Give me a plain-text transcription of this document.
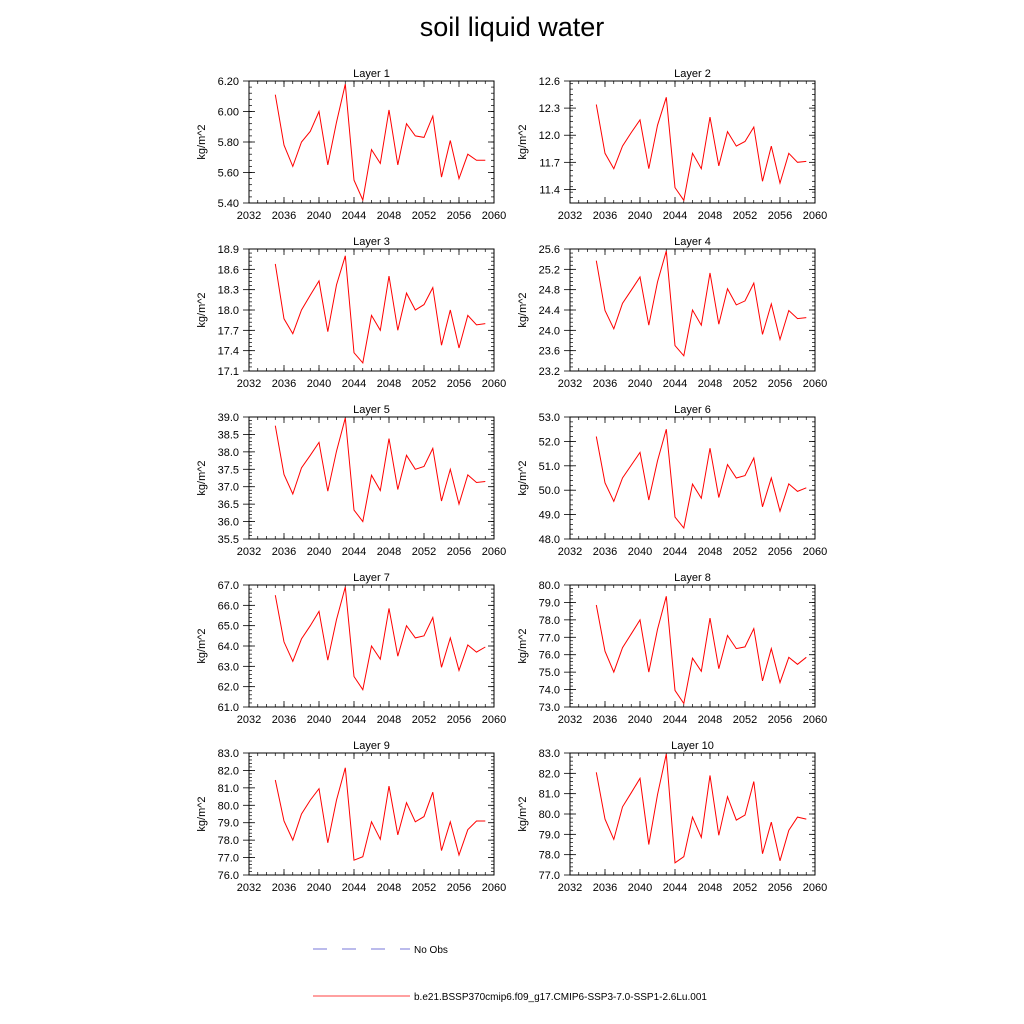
soil liquid water
Layer 1
kg/m^2
2032 2036 2040 2044 2048 2052 2056 2060
5.40
5.60
5.80
6.00
6.20
Layer 2
kg/m^2
2032 2036 2040 2044 2048 2052 2056 2060
11.4
11.7
12.0
12.3
12.6
Layer 3
kg/m^2
2032 2036 2040 2044 2048 2052 2056 2060
17.1
17.4
17.7
18.0
18.3
18.6
18.9
Layer 4
kg/m^2
2032 2036 2040 2044 2048 2052 2056 2060
23.2
23.6
24.0
24.4
24.8
25.2
25.6
Layer 5
kg/m^2
2032 2036 2040 2044 2048 2052 2056 2060
35.5
36.0
36.5
37.0
37.5
38.0
38.5
39.0
Layer 6
kg/m^2
2032 2036 2040 2044 2048 2052 2056 2060
48.0
49.0
50.0
51.0
52.0
53.0
Layer 7
kg/m^2
2032 2036 2040 2044 2048 2052 2056 2060
61.0
62.0
63.0
64.0
65.0
66.0
67.0
Layer 8
kg/m^2
2032 2036 2040 2044 2048 2052 2056 2060
73.0
74.0
75.0
76.0
77.0
78.0
79.0
80.0
Layer 9
kg/m^2
2032 2036 2040 2044 2048 2052 2056 2060
76.0
77.0
78.0
79.0
80.0
81.0
82.0
83.0
Layer 10
kg/m^2
2032 2036 2040 2044 2048 2052 2056 2060
77.0
78.0
79.0
80.0
81.0
82.0
83.0
No Obs
b.e21.BSSP370cmip6.f09_g17.CMIP6-SSP3-7.0-SSP1-2.6Lu.001
